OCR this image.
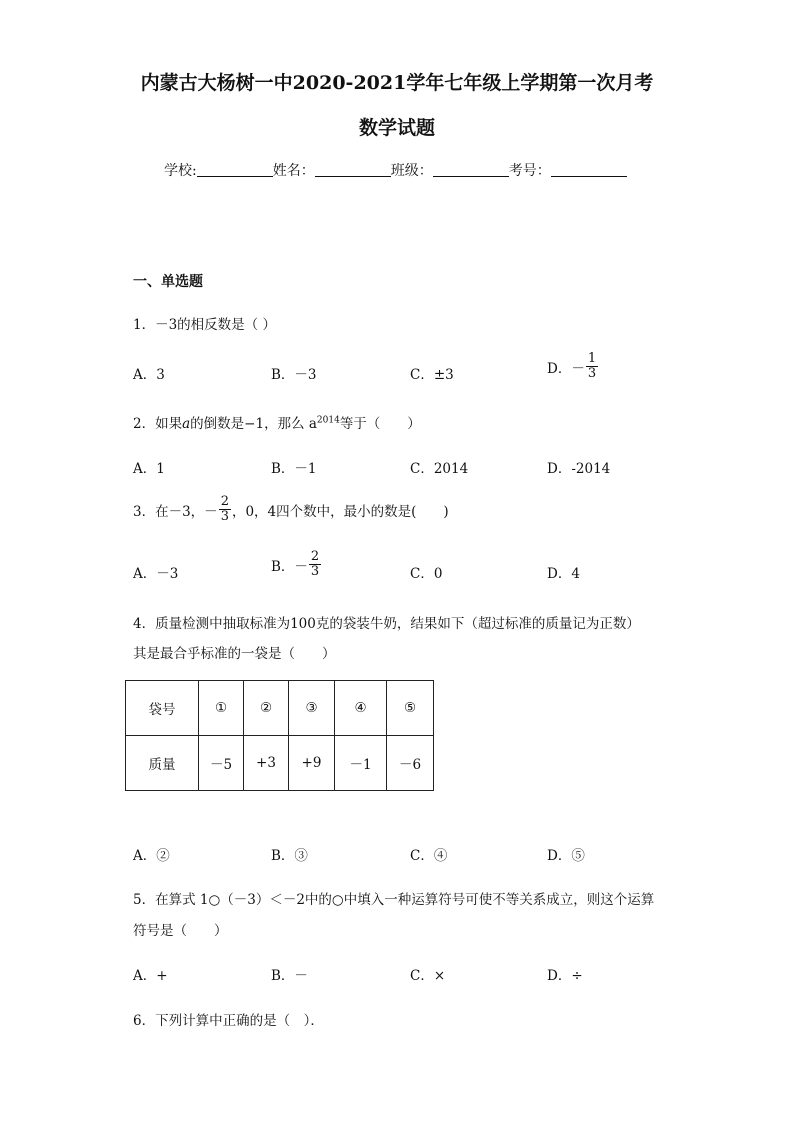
内蒙古大杨树一中2020-2021学年七年级上学期第一次月考
数学试题
学校:	姓名：	班级：	考号：
一、单选题
1．－3的相反数是（ ）
A．3	B．－3	C．±3	D．－ $\frac{1}{3}$
2．如果a的倒数是−1，那么 $a^{2014}$等于（　　）
A．1	B．－1	C．2014	D．-2014
3．在－3，－ $\frac{2}{3}$ ，0，4四个数中，最小的数是(　　)
A．－3	B．－ $\frac{2}{3}$	C．0	D．4
4．质量检测中抽取标准为100克的袋装牛奶，结果如下（超过标准的质量记为正数）
其是最合乎标准的一袋是（　　）
袋号	①	②	③	④	⑤
质量	－5	+3	+9	－1	－6
A．②	B．③	C．④	D．⑤
5．在算式 1○（－3）＜－2中的○中填入一种运算符号可使不等关系成立，则这个运算
符号是（　　）
A．+	B．－	C．×	D．÷
6．下列计算中正确的是（　）．
